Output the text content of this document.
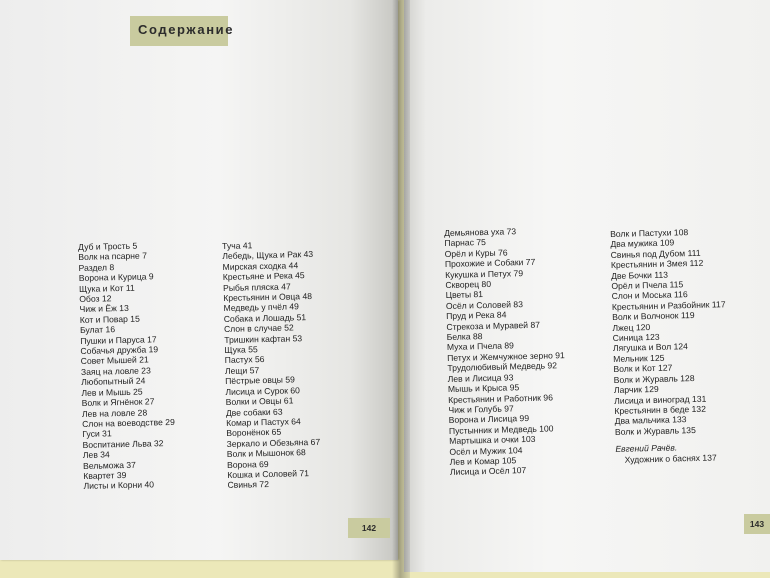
Содержание
Дуб и Трость 5
Волк на псарне 7
Раздел 8
Ворона и Курица 9
Щука и Кот 11
Обоз 12
Чиж и Ёж 13
Кот и Повар 15
Булат 16
Пушки и Паруса 17
Собачья дружба 19
Совет Мышей 21
Заяц на ловле 23
Любопытный 24
Лев и Мышь 25
Волк и Ягнёнок 27
Лев на ловле 28
Слон на воеводстве 29
Гуси 31
Воспитание Льва 32
Лев 34
Вельможа 37
Квартет 39
Листы и Корни 40
Туча 41
Лебедь, Щука и Рак 43
Мирская сходка 44
Крестьяне и Река 45
Рыбья пляска 47
Крестьянин и Овца 48
Медведь у пчёл 49
Собака и Лошадь 51
Слон в случае 52
Тришкин кафтан 53
Щука 55
Пастух 56
Лещи 57
Пёстрые овцы 59
Лисица и Сурок 60
Волки и Овцы 61
Две собаки 63
Комар и Пастух 64
Воронёнок 65
Зеркало и Обезьяна 67
Волк и Мышонок 68
Ворона 69
Кошка и Соловей 71
Свинья 72
Демьянова уха 73
Парнас 75
Орёл и Куры 76
Прохожие и Собаки 77
Кукушка и Петух 79
Скворец 80
Цветы 81
Осёл и Соловей 83
Пруд и Река 84
Стрекоза и Муравей 87
Белка 88
Муха и Пчела 89
Петух и Жемчужное зерно 91
Трудолюбивый Медведь 92
Лев и Лисица 93
Мышь и Крыса 95
Крестьянин и Работник 96
Чиж и Голубь 97
Ворона и Лисица 99
Пустынник и Медведь 100
Мартышка и очки 103
Осёл и Мужик 104
Лев и Комар 105
Лисица и Осёл 107
Волк и Пастухи 108
Два мужика 109
Свинья под Дубом 111
Крестьянин и Змея 112
Две Бочки 113
Орёл и Пчела 115
Слон и Моська 116
Крестьянин и Разбойник 117
Волк и Волчонок 119
Лжец 120
Синица 123
Лягушка и Вол 124
Мельник 125
Волк и Кот 127
Волк и Журавль 128
Ларчик 129
Лисица и виноград 131
Крестьянин в беде 132
Два мальчика 133
Волк и Журавль 135
Евгений Рачёв.
Художник о баснях 137
142	143
